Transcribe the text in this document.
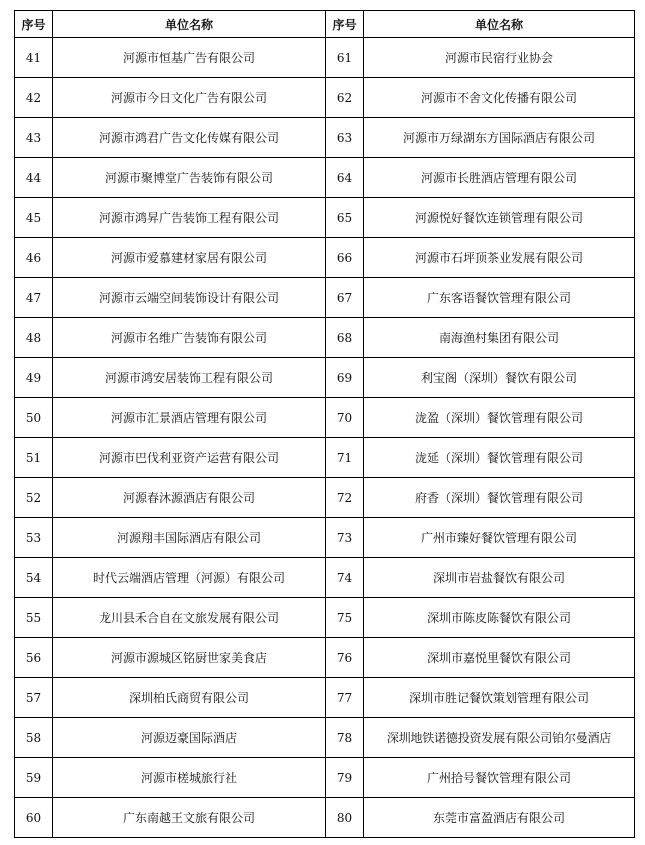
序号	单位名称	序号	单位名称
41	河源市恒基广告有限公司	61	河源市民宿行业协会
42	河源市今日文化广告有限公司	62	河源市不舍文化传播有限公司
43	河源市鸿君广告文化传媒有限公司	63	河源市万绿湖东方国际酒店有限公司
44	河源市聚博堂广告装饰有限公司	64	河源市长胜酒店管理有限公司
45	河源市鸿昇广告装饰工程有限公司	65	河源悦好餐饮连锁管理有限公司
46	河源市爱慕建材家居有限公司	66	河源市石坪顶茶业发展有限公司
47	河源市云端空间装饰设计有限公司	67	广东客语餐饮管理有限公司
48	河源市名维广告装饰有限公司	68	南海渔村集团有限公司
49	河源市鸿安居装饰工程有限公司	69	利宝阁（深圳）餐饮有限公司
50	河源市汇景酒店管理有限公司	70	泷盈（深圳）餐饮管理有限公司
51	河源市巴伐利亚资产运营有限公司	71	泷延（深圳）餐饮管理有限公司
52	河源春沐源酒店有限公司	72	府香（深圳）餐饮管理有限公司
53	河源翔丰国际酒店有限公司	73	广州市臻好餐饮管理有限公司
54	时代云端酒店管理（河源）有限公司	74	深圳市岩盐餐饮有限公司
55	龙川县禾合自在文旅发展有限公司	75	深圳市陈皮陈餐饮有限公司
56	河源市源城区铭厨世家美食店	76	深圳市嘉悦里餐饮有限公司
57	深圳柏氏商贸有限公司	77	深圳市胜记餐饮策划管理有限公司
58	河源迈豪国际酒店	78	深圳地铁诺德投资发展有限公司铂尔曼酒店
59	河源市槎城旅行社	79	广州拾号餐饮管理有限公司
60	广东南越王文旅有限公司	80	东莞市富盈酒店有限公司
